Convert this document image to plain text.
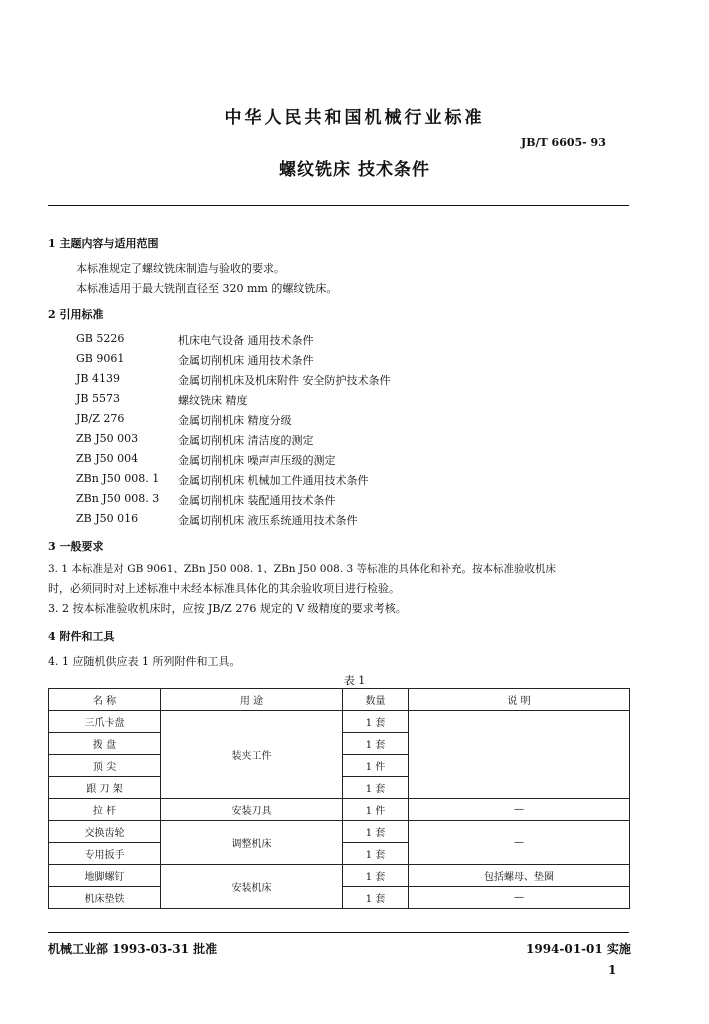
中华人民共和国机械行业标准
JB/T 6605- 93
螺纹铣床 技术条件
1 主题内容与适用范围
本标准规定了螺纹铣床制造与验收的要求。
本标准适用于最大铣削直径至 320 mm 的螺纹铣床。
2 引用标准
GB 5226	机床电气设备 通用技术条件
GB 9061	金属切削机床 通用技术条件
JB 4139	金属切削机床及机床附件 安全防护技术条件
JB 5573	螺纹铣床 精度
JB/Z 276	金属切削机床 精度分级
ZB J50 003	金属切削机床 清洁度的测定
ZB J50 004	金属切削机床 噪声声压级的测定
ZBn J50 008. 1 金属切削机床 机械加工件通用技术条件
ZBn J50 008. 3 金属切削机床 装配通用技术条件
ZB J50 016	金属切削机床 液压系统通用技术条件
3 一般要求
3. 1 本标准是对 GB 9061、ZBn J50 008. 1、ZBn J50 008. 3 等标准的具体化和补充。按本标准验收机床
时，必须同时对上述标准中未经本标准具体化的其余验收项目进行检验。
3. 2 按本标准验收机床时，应按 JB/Z 276 规定的 V 级精度的要求考核。
4 附件和工具
4. 1 应随机供应表 1 所列附件和工具。
表 1
名 称	用 途	数量	说 明
三爪卡盘	装夹工件	1 套	
拨 盘		1 套	
顶 尖		1 件	
跟 刀 架		1 套	
拉 杆	安装刀具	1 件	—
交换齿轮	调整机床	1 套	—
专用扳手		1 套	
地脚螺钉	安装机床	1 套	包括螺母、垫圈
机床垫铁		1 套	—
机械工业部 1993-03-31 批准	1994-01-01 实施
1
